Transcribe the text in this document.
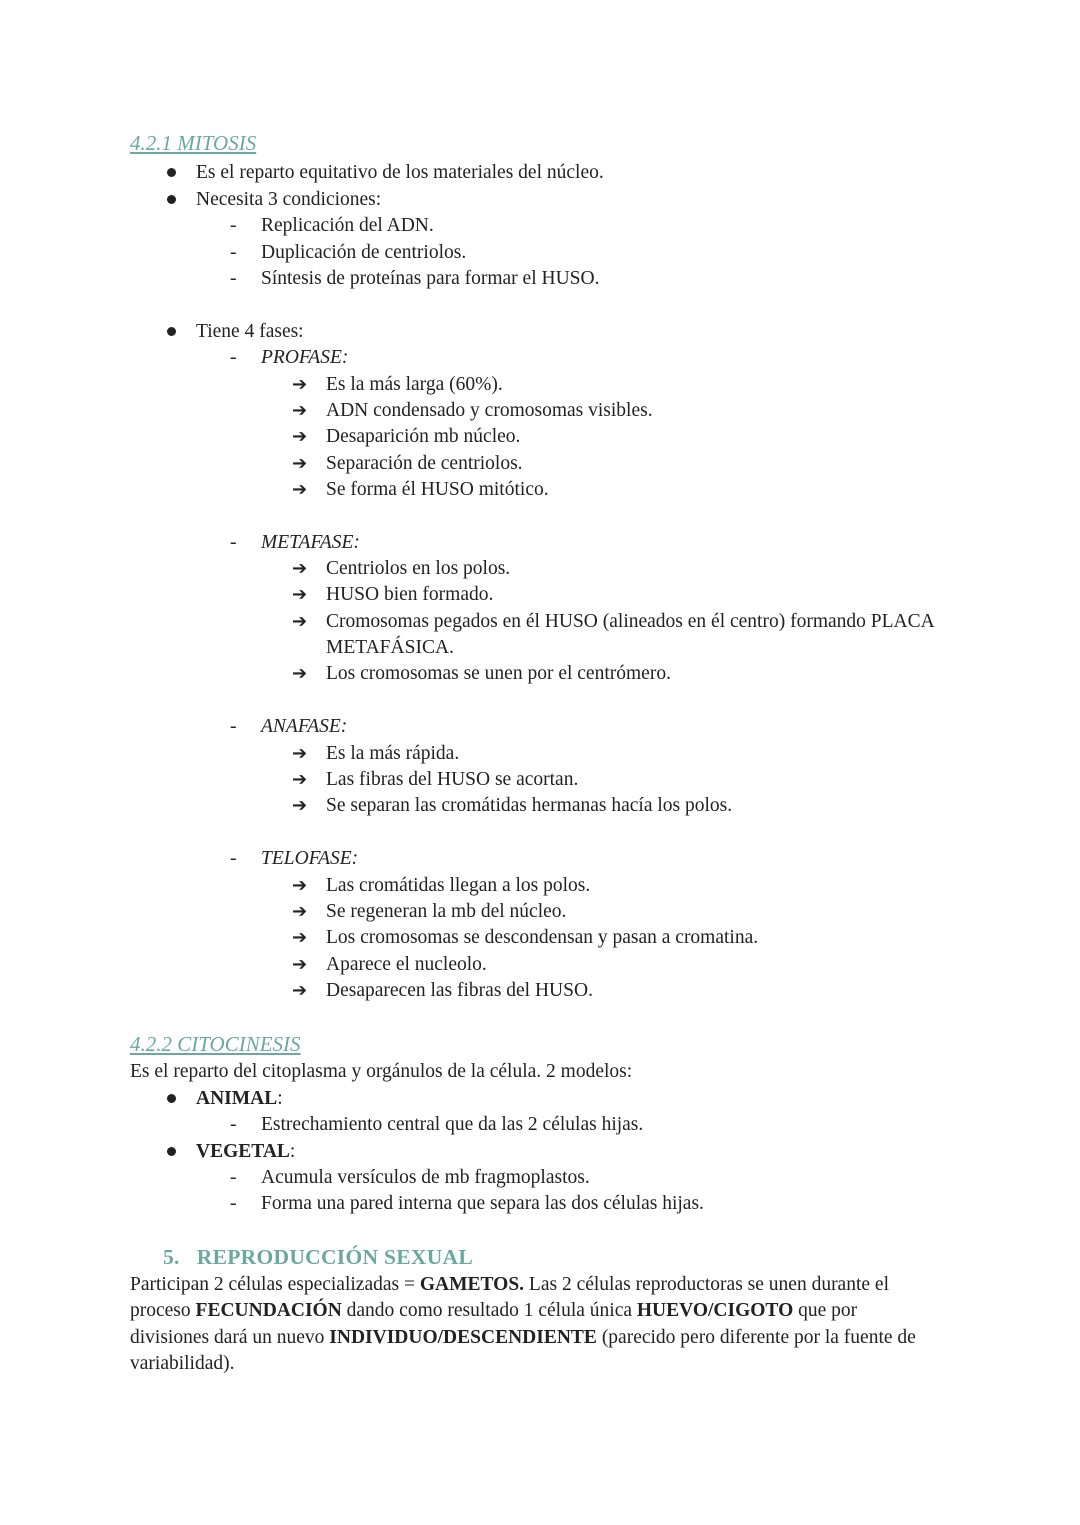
4.2.1 MITOSIS
Es el reparto equitativo de los materiales del núcleo.
Necesita 3 condiciones:
- Replicación del ADN.
- Duplicación de centriolos.
- Síntesis de proteínas para formar el HUSO.
Tiene 4 fases:
- PROFASE:
➔ Es la más larga (60%).
➔ ADN condensado y cromosomas visibles.
➔ Desaparición mb núcleo.
➔ Separación de centriolos.
➔ Se forma él HUSO mitótico.
- METAFASE:
➔ Centriolos en los polos.
➔ HUSO bien formado.
➔ Cromosomas pegados en él HUSO (alineados en él centro) formando PLACA
METAFÁSICA.
➔ Los cromosomas se unen por el centrómero.
- ANAFASE:
➔ Es la más rápida.
➔ Las fibras del HUSO se acortan.
➔ Se separan las cromátidas hermanas hacía los polos.
- TELOFASE:
➔ Las cromátidas llegan a los polos.
➔ Se regeneran la mb del núcleo.
➔ Los cromosomas se descondensan y pasan a cromatina.
➔ Aparece el nucleolo.
➔ Desaparecen las fibras del HUSO.
4.2.2 CITOCINESIS
Es el reparto del citoplasma y orgánulos de la célula. 2 modelos:
ANIMAL:
- Estrechamiento central que da las 2 células hijas.
VEGETAL:
- Acumula versículos de mb fragmoplastos.
- Forma una pared interna que separa las dos células hijas.
5.   REPRODUCCIÓN SEXUAL
Participan 2 células especializadas = GAMETOS. Las 2 células reproductoras se unen durante el
proceso FECUNDACIÓN dando como resultado 1 célula única HUEVO/CIGOTO que por
divisiones dará un nuevo INDIVIDUO/DESCENDIENTE (parecido pero diferente por la fuente de
variabilidad).
